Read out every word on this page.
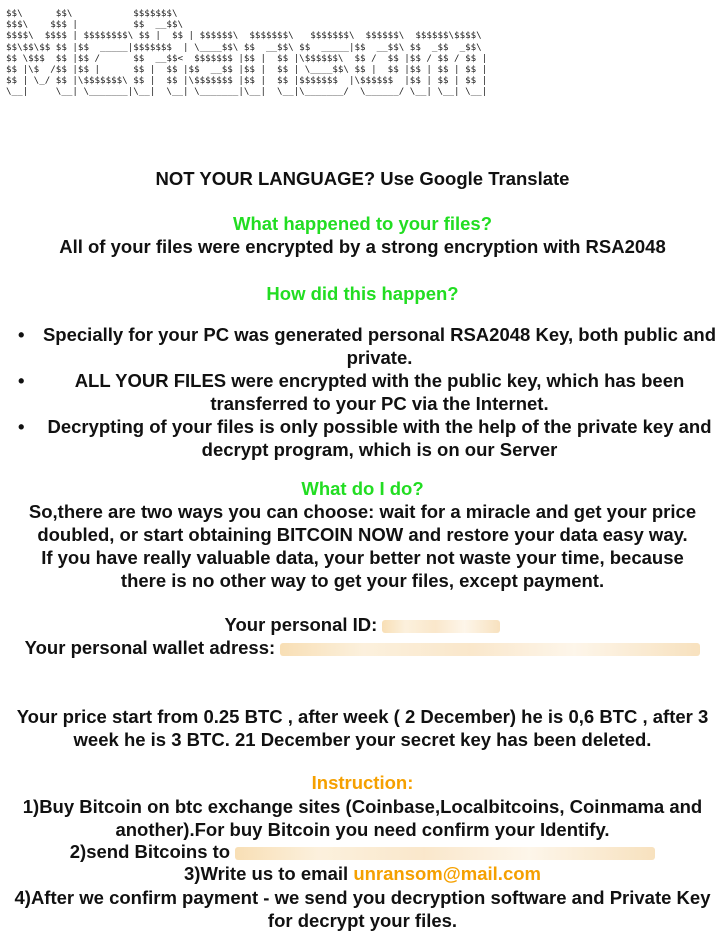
$$\      $$\           $$$$$$$\
$$$\    $$$ |          $$  __$$\
$$$$\  $$$$ | $$$$$$$$\ $$ |  $$ | $$$$$$\  $$$$$$$\   $$$$$$$\  $$$$$$\  $$$$$$\$$$$\
$$\$$\$$ $$ |$$  _____|$$$$$$$  | \____$$\ $$  __$$\ $$  _____|$$  __$$\ $$  _$$  _$$\
$$ \$$$  $$ |$$ /      $$  __$$<  $$$$$$$ |$$ |  $$ |\$$$$$$\  $$ /  $$ |$$ / $$ / $$ |
$$ |\$  /$$ |$$ |      $$ |  $$ |$$  __$$ |$$ |  $$ | \____$$\ $$ |  $$ |$$ | $$ | $$ |
$$ | \_/ $$ |\$$$$$$$\ $$ |  $$ |\$$$$$$$ |$$ |  $$ |$$$$$$$  |\$$$$$$  |$$ | $$ | $$ |
\__|     \__| \_______|\__|  \__| \_______|\__|  \__|\_______/  \______/ \__| \__| \__|
NOT YOUR LANGUAGE? Use Google Translate
What happened to your files?
All of your files were encrypted by a strong encryption with RSA2048
How did this happen?
• Specially for your PC was generated personal RSA2048 Key, both public and private.
•	ALL YOUR FILES were encrypted with the public key, which has been transferred to your PC via the Internet.
• Decrypting of your files is only possible with the help of the private key and decrypt program, which is on our Server
What do I do?
So,there are two ways you can choose: wait for a miracle and get your price doubled, or start obtaining BITCOIN NOW and restore your data easy way.
If you have really valuable data, your better not waste your time, because there is no other way to get your files, except payment.
Your personal ID:
Your personal wallet adress:
Your price start from 0.25 BTC , after week ( 2 December) he is 0,6 BTC , after 3 week he is 3 BTC. 21 December your secret key has been deleted.
Instruction:
1)Buy Bitcoin on btc exchange sites (Coinbase,Localbitcoins, Coinmama and another).For buy Bitcoin you need confirm your Identify.
2)send Bitcoins to
3)Write us to email unransom@mail.com
4)After we confirm payment - we send you decryption software and Private Key for decrypt your files.
